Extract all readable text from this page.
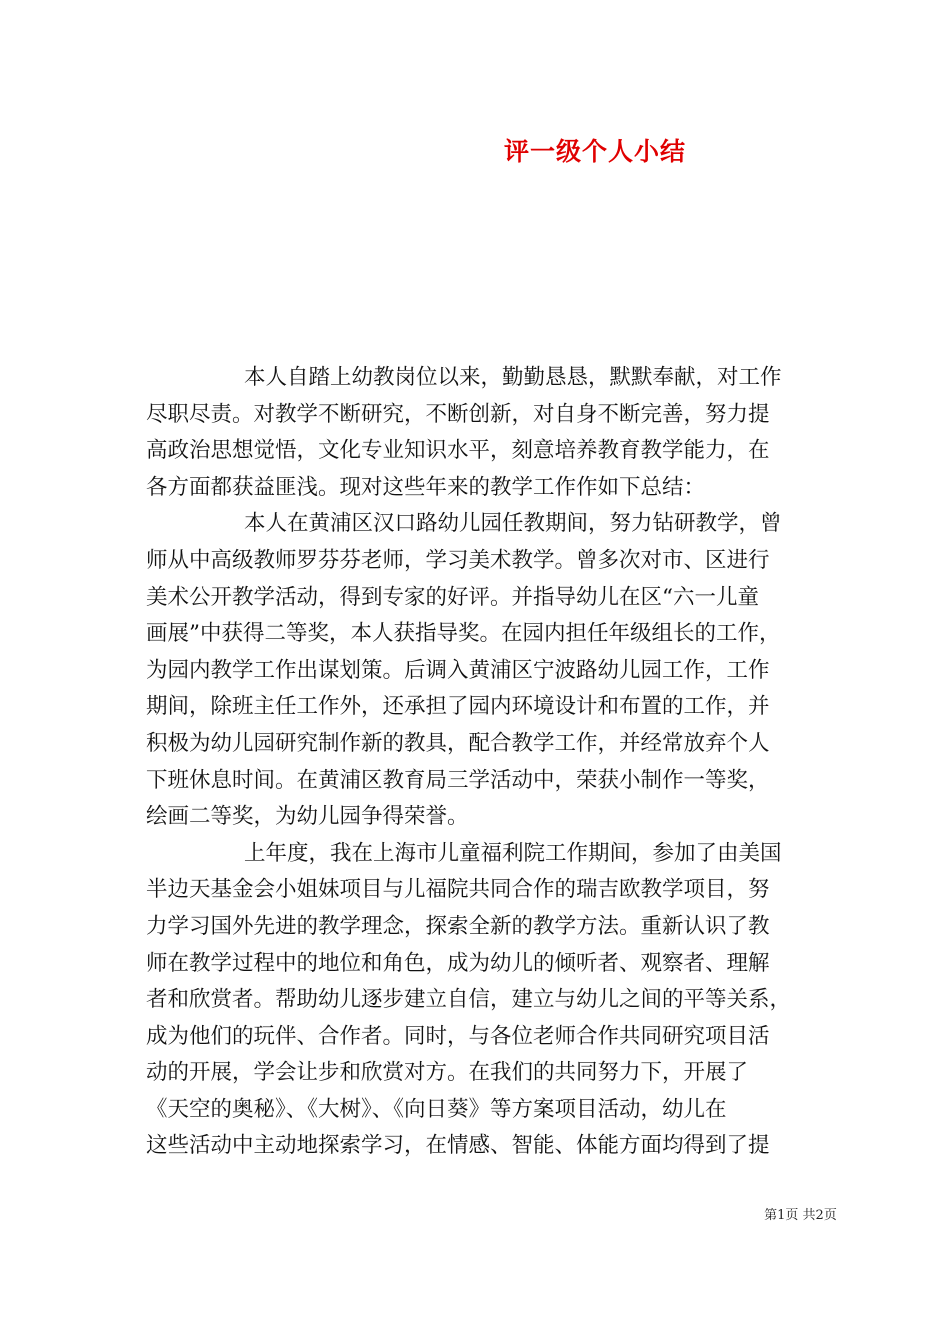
评一级个人小结
本人自踏上幼教岗位以来，勤勤恳恳，默默奉献，对工作
尽职尽责。对教学不断研究，不断创新，对自身不断完善，努力提
高政治思想觉悟，文化专业知识水平，刻意培养教育教学能力，在
各方面都获益匪浅。现对这些年来的教学工作作如下总结：
本人在黄浦区汉口路幼儿园任教期间，努力钻研教学，曾
师从中高级教师罗芬芬老师，学习美术教学。曾多次对市、区进行
美术公开教学活动，得到专家的好评。并指导幼儿在区“六一儿童
画展”中获得二等奖，本人获指导奖。在园内担任年级组长的工作，
为园内教学工作出谋划策。后调入黄浦区宁波路幼儿园工作，工作
期间，除班主任工作外，还承担了园内环境设计和布置的工作，并
积极为幼儿园研究制作新的教具，配合教学工作，并经常放弃个人
下班休息时间。在黄浦区教育局三学活动中，荣获小制作一等奖，
绘画二等奖，为幼儿园争得荣誉。
上年度，我在上海市儿童福利院工作期间，参加了由美国
半边天基金会小姐妹项目与儿福院共同合作的瑞吉欧教学项目，努
力学习国外先进的教学理念，探索全新的教学方法。重新认识了教
师在教学过程中的地位和角色，成为幼儿的倾听者、观察者、理解
者和欣赏者。帮助幼儿逐步建立自信，建立与幼儿之间的平等关系，
成为他们的玩伴、合作者。同时，与各位老师合作共同研究项目活
动的开展，学会让步和欣赏对方。在我们的共同努力下，开展了
《天空的奥秘》、《大树》、《向日葵》等方案项目活动，幼儿在
这些活动中主动地探索学习，在情感、智能、体能方面均得到了提
第1页 共2页
